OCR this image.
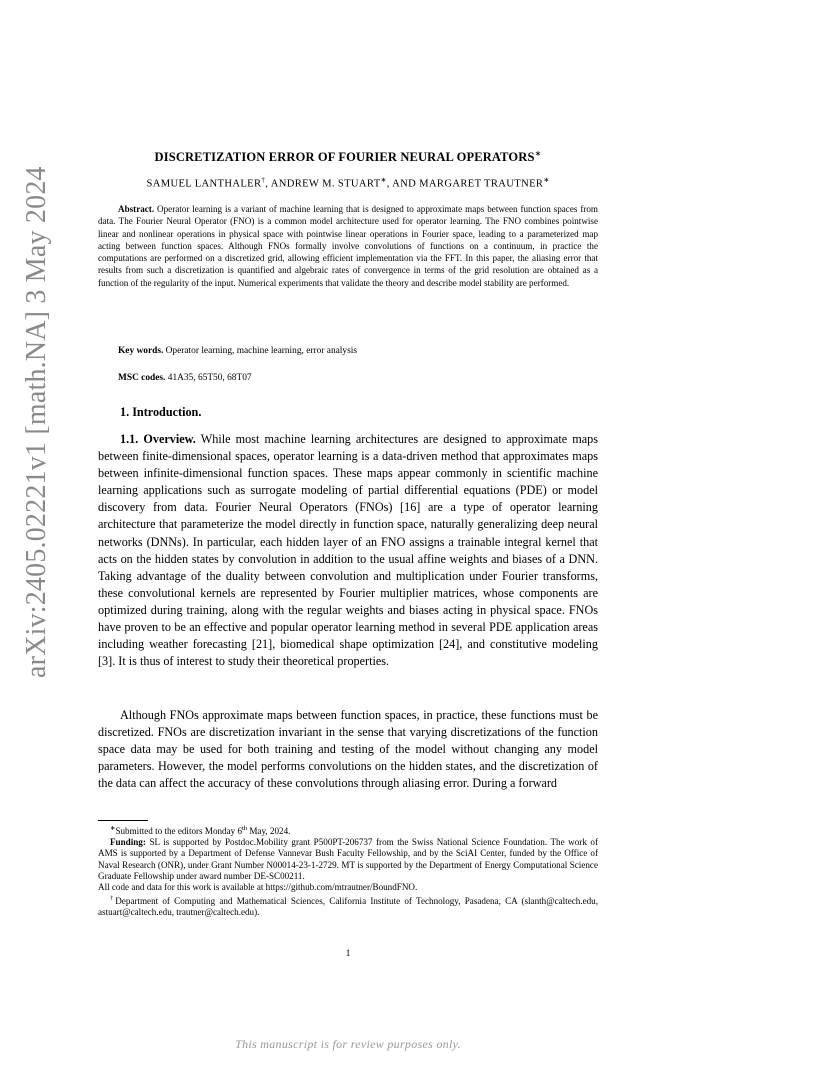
arXiv:2405.02221v1 [math.NA] 3 May 2024
DISCRETIZATION ERROR OF FOURIER NEURAL OPERATORS∗
SAMUEL LANTHALER†, ANDREW M. STUART∗, AND MARGARET TRAUTNER∗
Abstract. Operator learning is a variant of machine learning that is designed to approximate maps between function spaces from data. The Fourier Neural Operator (FNO) is a common model architecture used for operator learning. The FNO combines pointwise linear and nonlinear operations in physical space with pointwise linear operations in Fourier space, leading to a parameterized map acting between function spaces. Although FNOs formally involve convolutions of functions on a continuum, in practice the computations are performed on a discretized grid, allowing efficient implementation via the FFT. In this paper, the aliasing error that results from such a discretization is quantified and algebraic rates of convergence in terms of the grid resolution are obtained as a function of the regularity of the input. Numerical experiments that validate the theory and describe model stability are performed.
Key words. Operator learning, machine learning, error analysis
MSC codes. 41A35, 65T50, 68T07
1. Introduction.

1.1. Overview. While most machine learning architectures are designed to approximate maps between finite-dimensional spaces, operator learning is a data-driven method that approximates maps between infinite-dimensional function spaces. These maps appear commonly in scientific machine learning applications such as surrogate modeling of partial differential equations (PDE) or model discovery from data. Fourier Neural Operators (FNOs) [16] are a type of operator learning architecture that parameterize the model directly in function space, naturally generalizing deep neural networks (DNNs). In particular, each hidden layer of an FNO assigns a trainable integral kernel that acts on the hidden states by convolution in addition to the usual affine weights and biases of a DNN. Taking advantage of the duality between convolution and multiplication under Fourier transforms, these convolutional kernels are represented by Fourier multiplier matrices, whose components are optimized during training, along with the regular weights and biases acting in physical space. FNOs have proven to be an effective and popular operator learning method in several PDE application areas including weather forecasting [21], biomedical shape optimization [24], and constitutive modeling [3]. It is thus of interest to study their theoretical properties.

Although FNOs approximate maps between function spaces, in practice, these functions must be discretized. FNOs are discretization invariant in the sense that varying discretizations of the function space data may be used for both training and testing of the model without changing any model parameters. However, the model performs convolutions on the hidden states, and the discretization of the data can affect the accuracy of these convolutions through aliasing error. During a forward

∗Submitted to the editors Monday 6th May, 2024.

Funding: SL is supported by Postdoc.Mobility grant P500PT-206737 from the Swiss National Science Foundation. The work of AMS is supported by a Department of Defense Vannevar Bush Faculty Fellowship, and by the SciAI Center, funded by the Office of Naval Research (ONR), under Grant Number N00014-23-1-2729. MT is supported by the Department of Energy Computational Science Graduate Fellowship under award number DE-SC00211.

All code and data for this work is available at https://github.com/mtrautner/BoundFNO.

†Department of Computing and Mathematical Sciences, California Institute of Technology, Pasadena, CA (slanth@caltech.edu, astuart@caltech.edu, trautner@caltech.edu).

1
This manuscript is for review purposes only.
